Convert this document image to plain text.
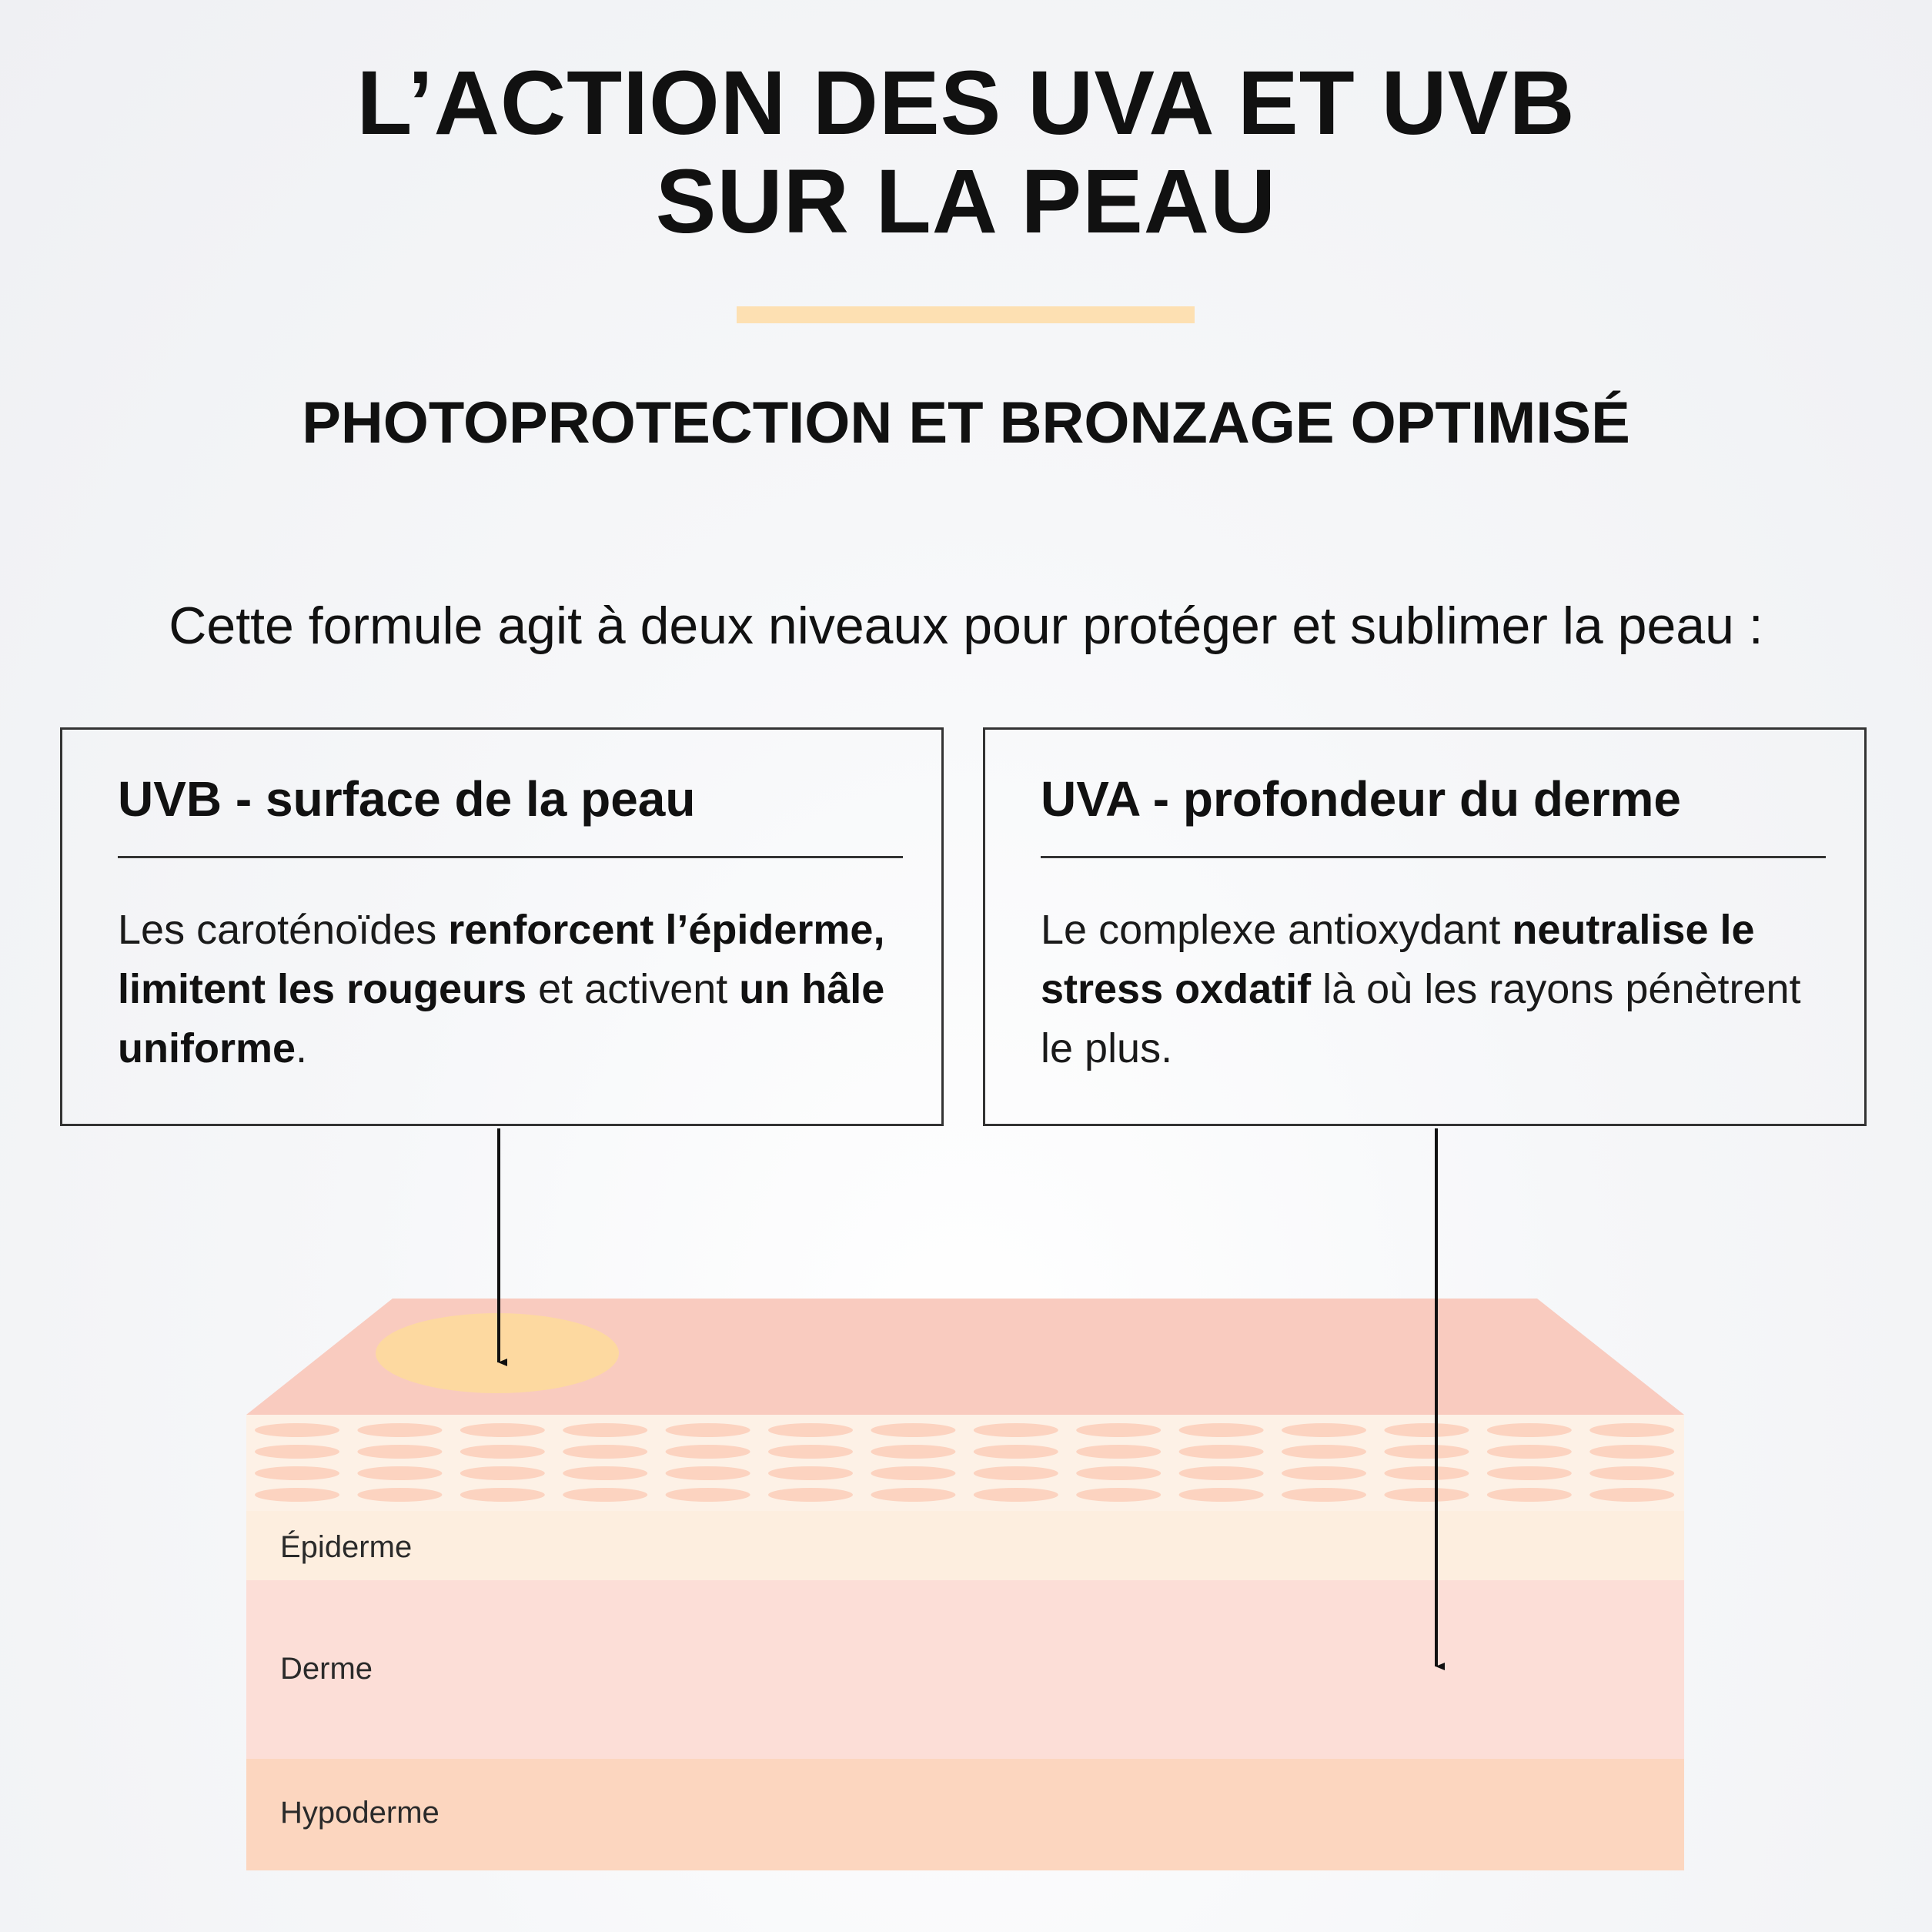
L’ACTION DES UVA ET UVB
SUR LA PEAU
PHOTOPROTECTION ET BRONZAGE OPTIMISÉ

Cette formule agit à deux niveaux pour protéger et sublimer la peau :

UVB - surface de la peau
Les caroténoïdes renforcent l’épiderme, limitent les rougeurs et activent un hâle uniforme.
UVA - profondeur du derme
Le complexe antioxydant neutralise le stress oxdatif là où les rayons pénètrent le plus.
Épiderme
Derme
Hypoderme
